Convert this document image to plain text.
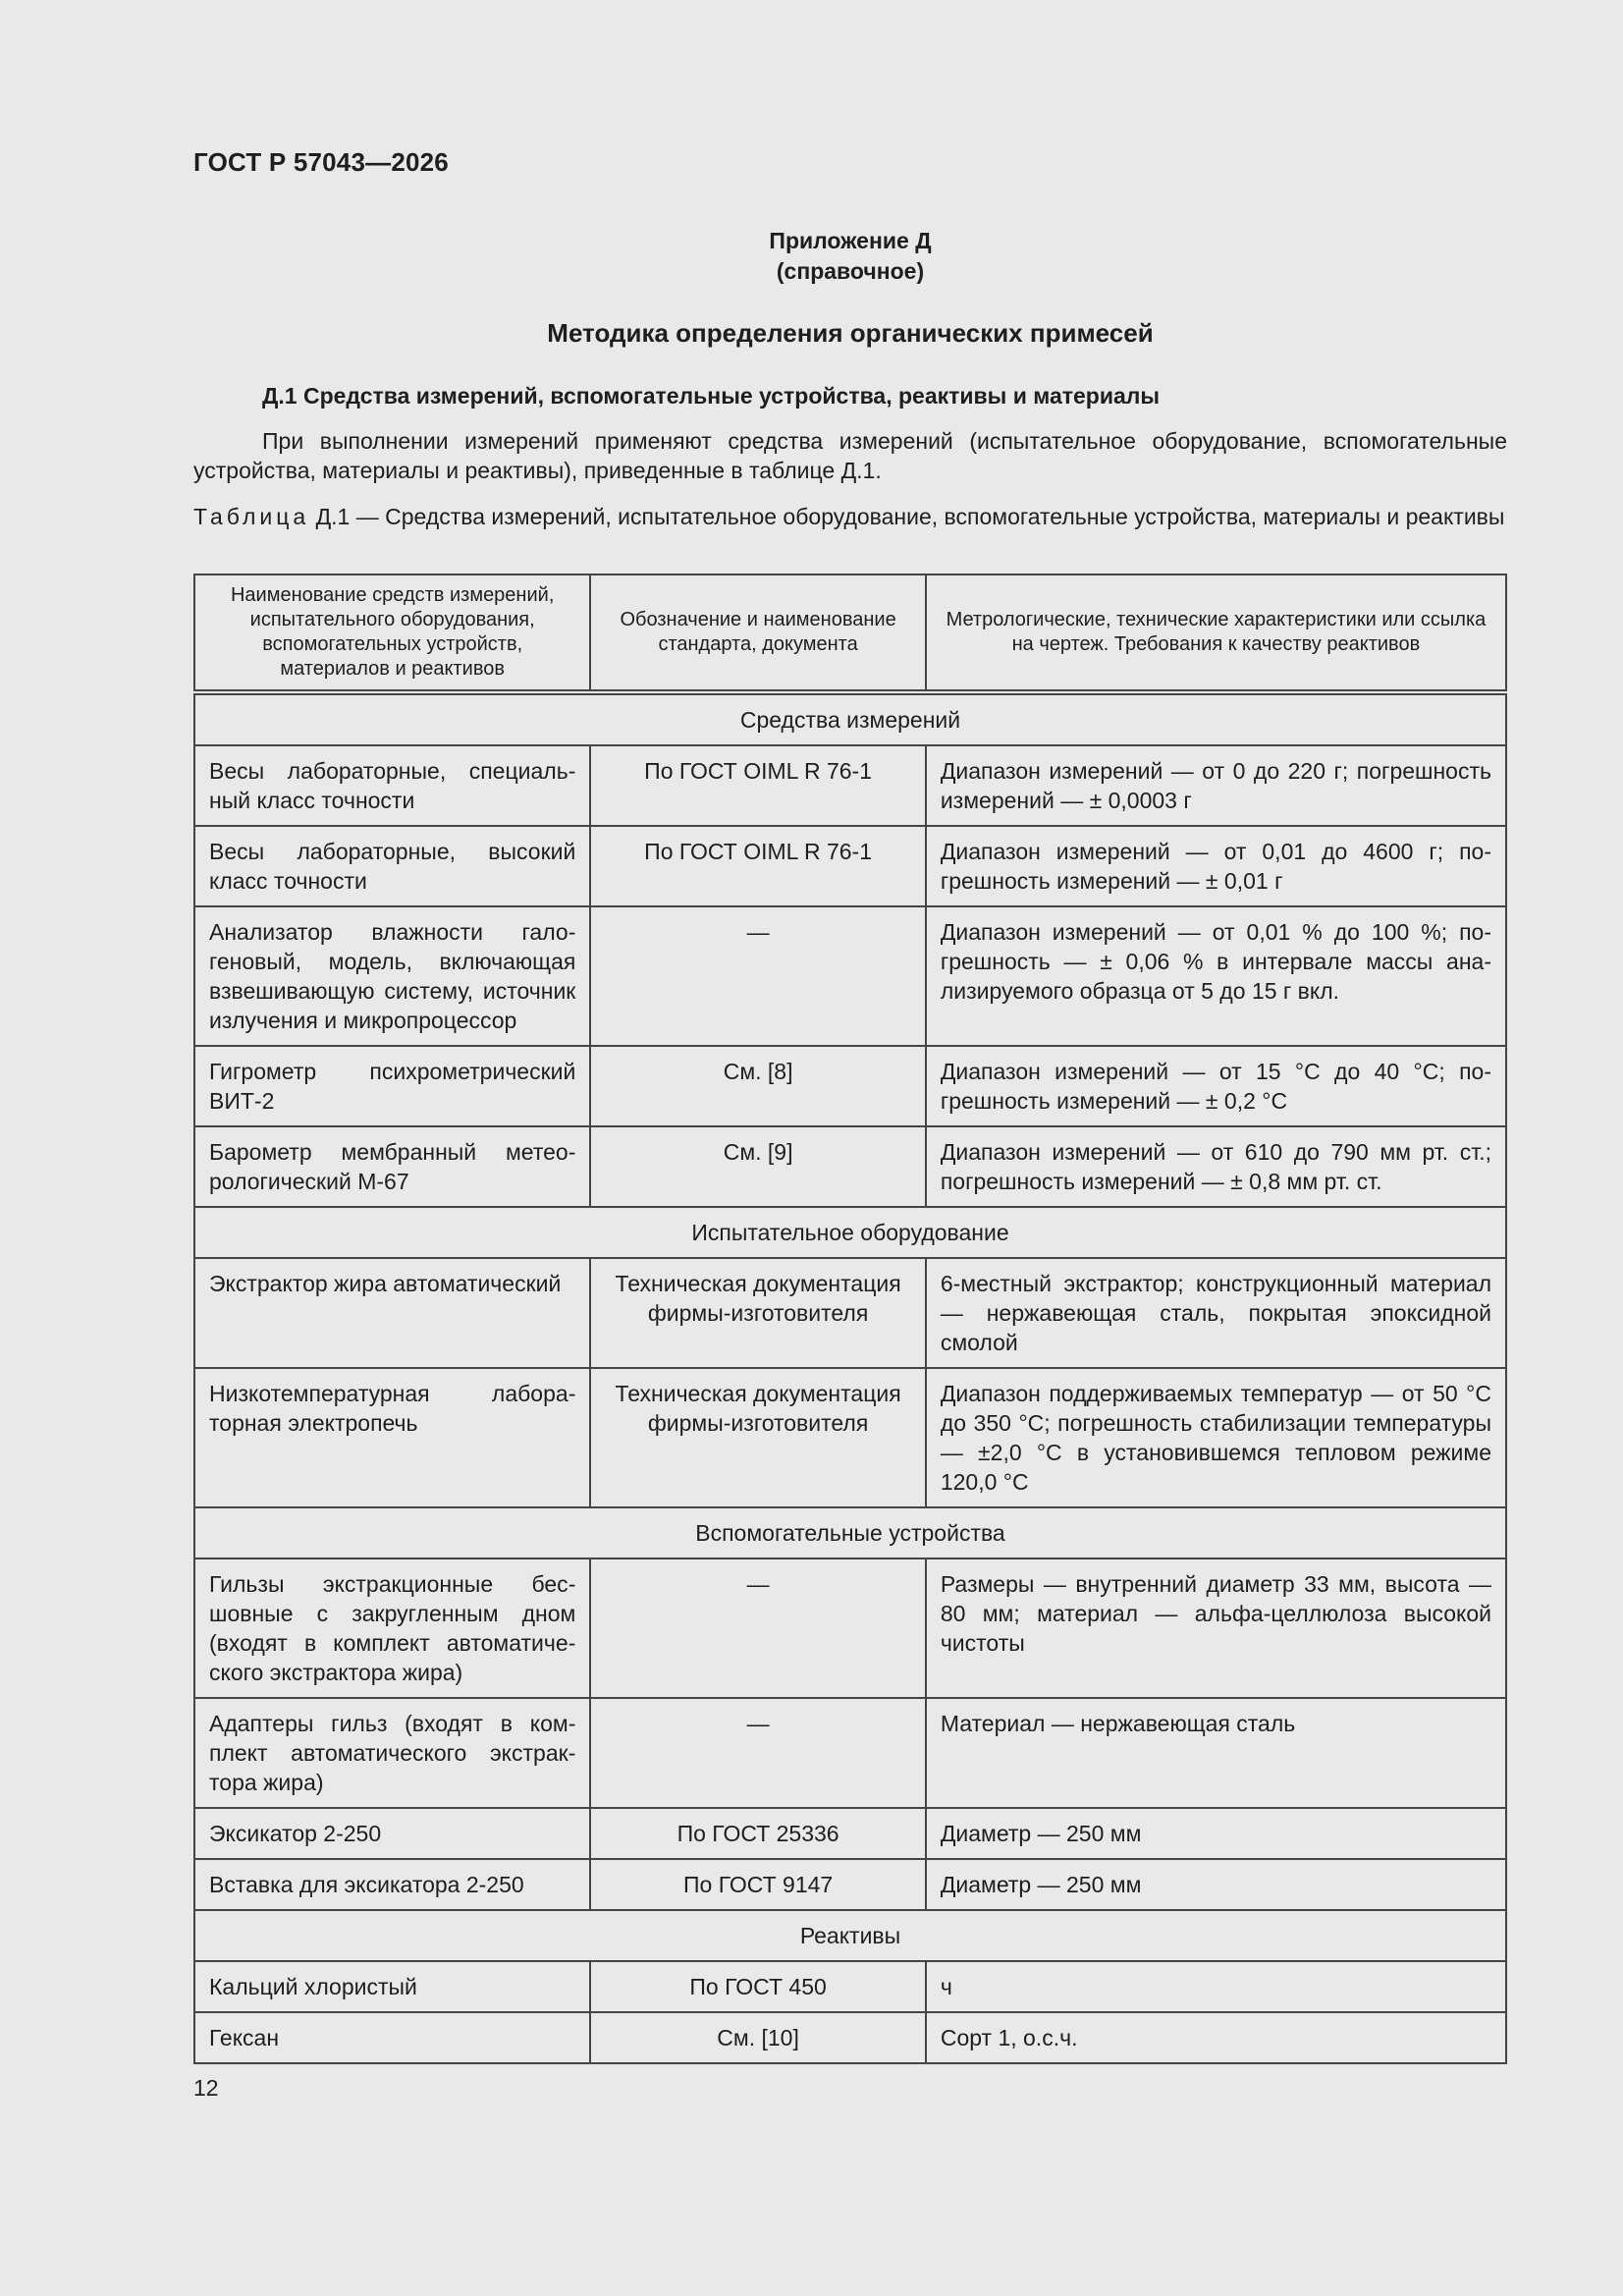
ГОСТ Р 57043—2026
Приложение Д
(справочное)
Методика определения органических примесей
Д.1 Средства измерений, вспомогательные устройства, реактивы и материалы
При выполнении измерений применяют средства измерений (испытательное оборудование, вспомогательные устройства, материалы и реактивы), приведенные в таблице Д.1.
Таблица Д.1 — Средства измерений, испытательное оборудование, вспомогательные устройства, материалы и реактивы
Наименование средств измерений, испытательного оборудования, вспомогательных устройств, материалов и реактивов	Обозначение и наименование стандарта, документа	Метрологические, технические характеристики или ссылка на чертеж. Требования к качеству реактивов
Средства измерений		
Весы лабораторные, специальный класс точности	По ГОСТ OIML R 76-1	Диапазон измерений — от 0 до 220 г; погрешность измерений — ± 0,0003 г
Весы лабораторные, высокий класс точности	По ГОСТ OIML R 76-1	Диапазон измерений — от 0,01 до 4600 г; погрешность измерений — ± 0,01 г
Анализатор влажности галогеновый, модель, включающая взвешивающую систему, источник излучения и микропроцессор	—	Диапазон измерений — от 0,01 % до 100 %; погрешность — ± 0,06 % в интервале массы анализируемого образца от 5 до 15 г вкл.
Гигрометр психрометрический ВИТ-2	См. [8]	Диапазон измерений — от 15 °С до 40 °С; погрешность измерений — ± 0,2 °С
Барометр мембранный метеорологический М-67	См. [9]	Диапазон измерений — от 610 до 790 мм рт. ст.; погрешность измерений — ± 0,8 мм рт. ст.
Испытательное оборудование		
Экстрактор жира автоматический	Техническая документация фирмы-изготовителя	6-местный экстрактор; конструкционный материал — нержавеющая сталь, покрытая эпоксидной смолой
Низкотемпературная лабораторная электропечь	Техническая документация фирмы-изготовителя	Диапазон поддерживаемых температур — от 50 °С до 350 °С; погрешность стабилизации температуры — ±2,0 °С в установившемся тепловом режиме 120,0 °С
Вспомогательные устройства		
Гильзы экстракционные бесшовные с закругленным дном (входят в комплект автоматического экстрактора жира)	—	Размеры — внутренний диаметр 33 мм, высота — 80 мм; материал — альфа-целлюлоза высокой чистоты
Адаптеры гильз (входят в комплект автоматического экстрактора жира)	—	Материал — нержавеющая сталь
Эксикатор 2-250	По ГОСТ 25336	Диаметр — 250 мм
Вставка для эксикатора 2-250	По ГОСТ 9147	Диаметр — 250 мм
Реактивы		
Кальций хлористый	По ГОСТ 450	ч
Гексан	См. [10]	Сорт 1, о.с.ч.
12
